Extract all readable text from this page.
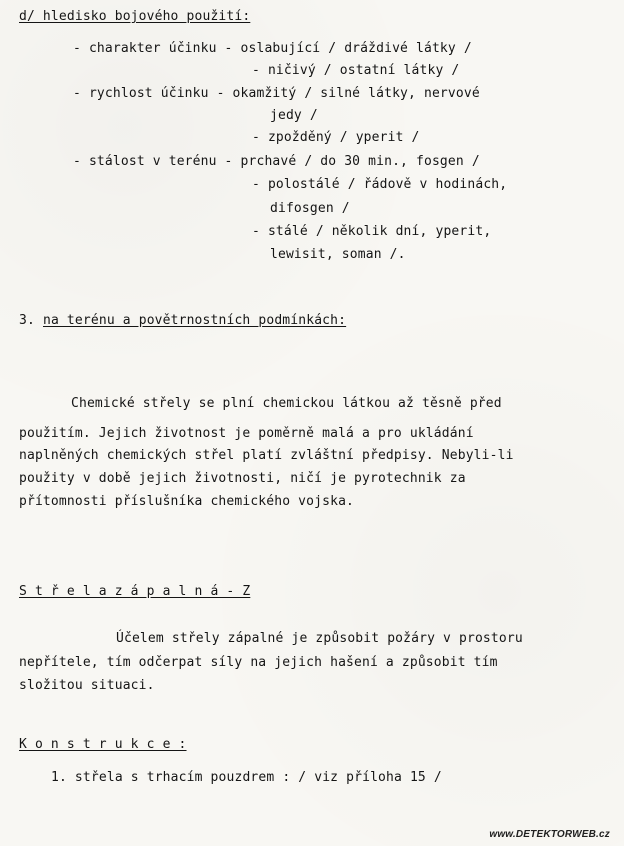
d/ hledisko bojového použití:
- charakter účinku - oslabující / dráždivé látky /
- ničivý / ostatní látky /
- rychlost účinku - okamžitý / silné látky, nervové
jedy /
- zpožděný / yperit /
- stálost v terénu - prchavé / do 30 min., fosgen /
- polostálé / řádově v hodinách,
difosgen /
- stálé / několik dní, yperit,
lewisit, soman /.
3. na terénu a povětrnostních podmínkách:
Chemické střely se plní chemickou látkou až těsně před
použitím. Jejich životnost je poměrně malá a pro ukládání
naplněných chemických střel platí zvláštní předpisy. Nebyli-li
použity v době jejich životnosti, ničí je pyrotechnik za
přítomnosti příslušníka chemického vojska.
S t ř e l a z á p a l n á - Z
Účelem střely zápalné je způsobit požáry v prostoru
nepřítele, tím odčerpat síly na jejich hašení a způsobit tím
složitou situaci.
K o n s t r u k c e :
1. střela s trhacím pouzdrem : / viz příloha 15 /
www.DETEKTORWEB.cz
